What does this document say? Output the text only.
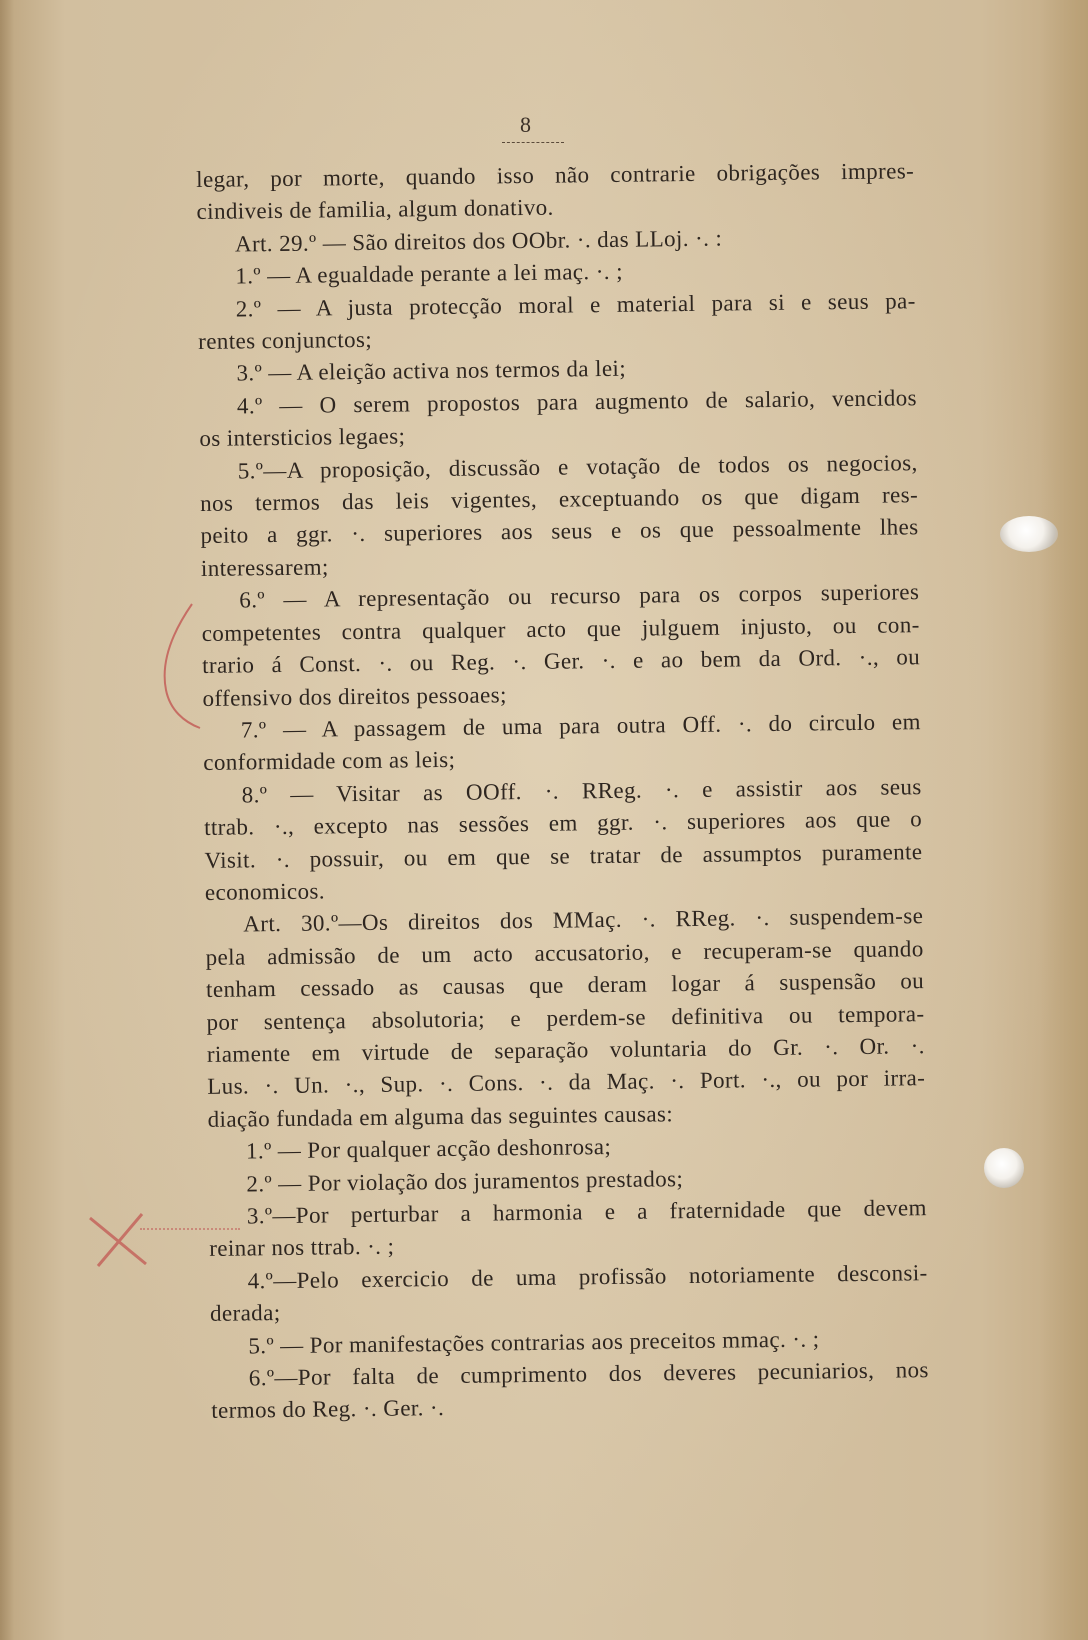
8
legar, por morte, quando isso não contrarie obrigações impres-
cindiveis de familia, algum donativo.
Art. 29.º — São direitos dos OObr. ·. das LLoj. ·. :
1.º — A egualdade perante a lei maç. ·. ;
2.º — A justa protecção moral e material para si e seus pa-
rentes conjunctos;
3.º — A eleição activa nos termos da lei;
4.º — O serem propostos para augmento de salario, vencidos
os intersticios legaes;
5.º—A proposição, discussão e votação de todos os negocios,
nos termos das leis vigentes, exceptuando os que digam res-
peito a ggr. ·. superiores aos seus e os que pessoalmente lhes
interessarem;
6.º — A representação ou recurso para os corpos superiores
competentes contra qualquer acto que julguem injusto, ou con-
trario á Const. ·. ou Reg. ·. Ger. ·. e ao bem da Ord. ·., ou
offensivo dos direitos pessoaes;
7.º — A passagem de uma para outra Off. ·. do circulo em
conformidade com as leis;
8.º — Visitar as OOff. ·. RReg. ·. e assistir aos seus
ttrab. ·., excepto nas sessões em ggr. ·. superiores aos que o
Visit. ·. possuir, ou em que se tratar de assumptos puramente
economicos.
Art. 30.º—Os direitos dos MMaç. ·. RReg. ·. suspendem-se
pela admissão de um acto accusatorio, e recuperam-se quando
tenham cessado as causas que deram logar á suspensão ou
por sentença absolutoria; e perdem-se definitiva ou tempora-
riamente em virtude de separação voluntaria do Gr. ·. Or. ·.
Lus. ·. Un. ·., Sup. ·. Cons. ·. da Maç. ·. Port. ·., ou por irra-
diação fundada em alguma das seguintes causas:
1.º — Por qualquer acção deshonrosa;
2.º — Por violação dos juramentos prestados;
3.º—Por perturbar a harmonia e a fraternidade que devem
reinar nos ttrab. ·. ;
4.º—Pelo exercicio de uma profissão notoriamente desconsi-
derada;
5.º — Por manifestações contrarias aos preceitos mmaç. ·. ;
6.º—Por falta de cumprimento dos deveres pecuniarios, nos
termos do Reg. ·. Ger. ·.
